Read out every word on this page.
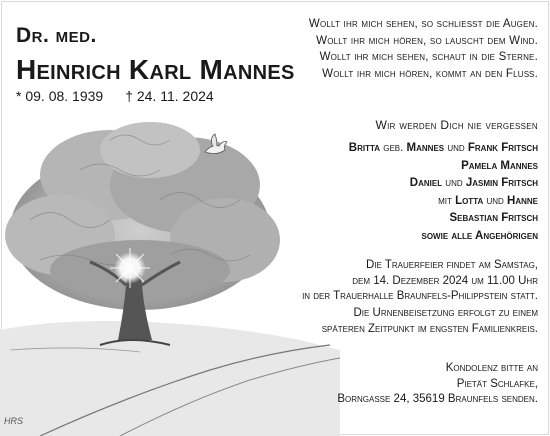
Dr. med.
Heinrich Karl Mannes
* 09. 08. 1939 † 24. 11. 2024
Wollt ihr mich sehen, so schließt die Augen.
Wollt ihr mich hören, so lauscht dem Wind.
Wollt ihr mich sehen, schaut in die Sterne.
Wollt ihr mich hören, kommt an den Fluß.
Wir werden Dich nie vergessen
Britta geb. Mannes und Frank Fritsch
Pamela Mannes
Daniel und Jasmin Fritsch
mit Lotta und Hanne
Sebastian Fritsch
sowie alle Angehörigen
Die Trauerfeier findet am Samstag,
dem 14. Dezember 2024 um 11.00 Uhr
in der Trauerhalle Braunfels-Philippstein statt.
Die Urnenbeisetzung erfolgt zu einem
späteren Zeitpunkt im engsten Familienkreis.
Kondolenz bitte an
Pietät Schlafke,
Borngasse 24, 35619 Braunfels senden.
HRS
